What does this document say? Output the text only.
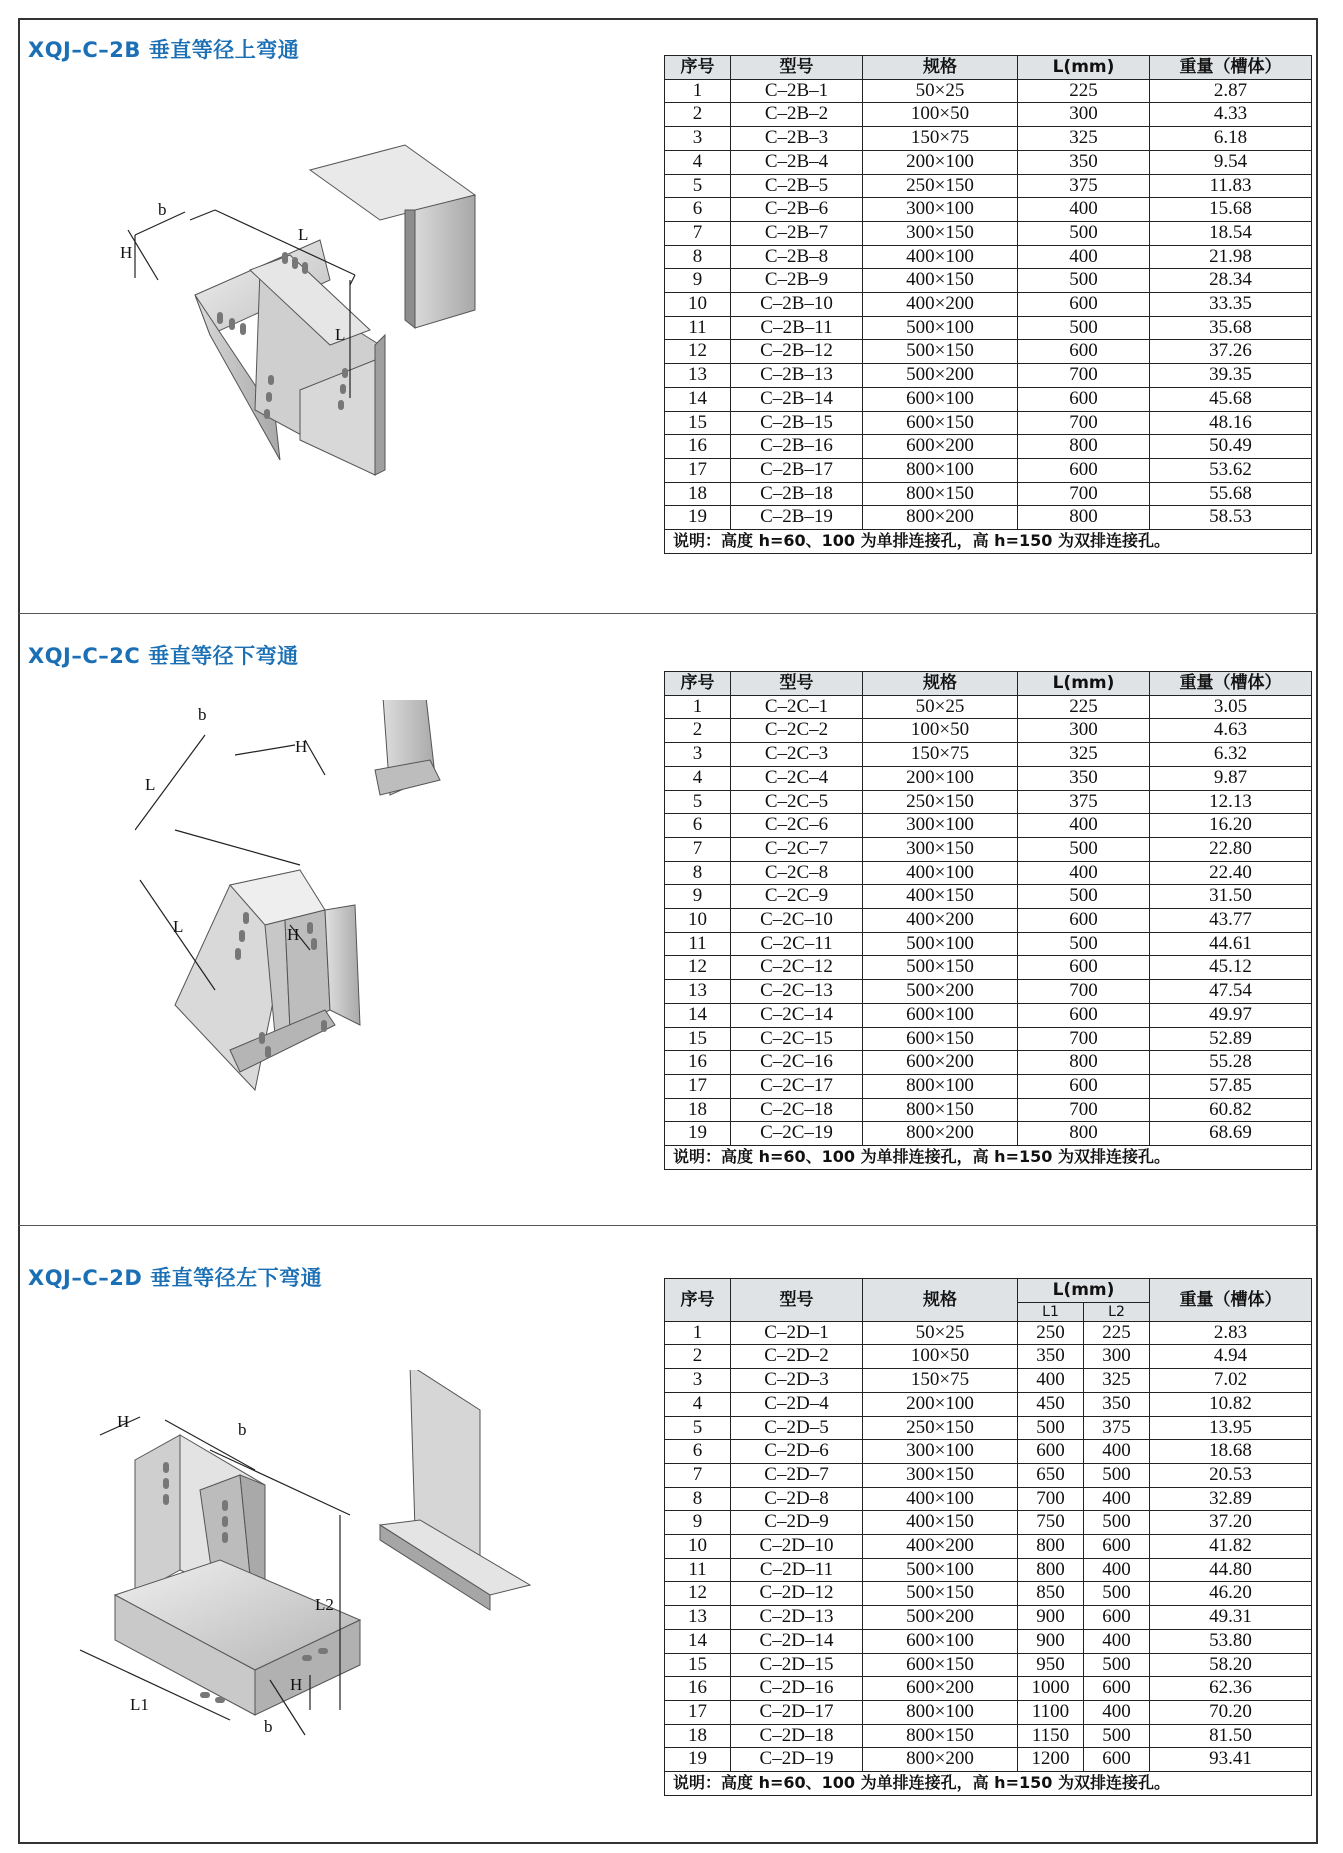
XQJ–C–2B 垂直等径上弯通
b
H
L
L
序号	型号	规格	L(mm)	重量（槽体）
1	C–2B–1	50×25	225	2.87
2	C–2B–2	100×50	300	4.33
3	C–2B–3	150×75	325	6.18
4	C–2B–4	200×100	350	9.54
5	C–2B–5	250×150	375	11.83
6	C–2B–6	300×100	400	15.68
7	C–2B–7	300×150	500	18.54
8	C–2B–8	400×100	400	21.98
9	C–2B–9	400×150	500	28.34
10	C–2B–10	400×200	600	33.35
11	C–2B–11	500×100	500	35.68
12	C–2B–12	500×150	600	37.26
13	C–2B–13	500×200	700	39.35
14	C–2B–14	600×100	600	45.68
15	C–2B–15	600×150	700	48.16
16	C–2B–16	600×200	800	50.49
17	C–2B–17	800×100	600	53.62
18	C–2B–18	800×150	700	55.68
19	C–2B–19	800×200	800	58.53
说明：高度 h=60、100 为单排连接孔，高 h=150 为双排连接孔。				
XQJ–C–2C 垂直等径下弯通
b
H
L
L	H
序号	型号	规格	L(mm)	重量（槽体）
1	C–2C–1	50×25	225	3.05
2	C–2C–2	100×50	300	4.63
3	C–2C–3	150×75	325	6.32
4	C–2C–4	200×100	350	9.87
5	C–2C–5	250×150	375	12.13
6	C–2C–6	300×100	400	16.20
7	C–2C–7	300×150	500	22.80
8	C–2C–8	400×100	400	22.40
9	C–2C–9	400×150	500	31.50
10	C–2C–10	400×200	600	43.77
11	C–2C–11	500×100	500	44.61
12	C–2C–12	500×150	600	45.12
13	C–2C–13	500×200	700	47.54
14	C–2C–14	600×100	600	49.97
15	C–2C–15	600×150	700	52.89
16	C–2C–16	600×200	800	55.28
17	C–2C–17	800×100	600	57.85
18	C–2C–18	800×150	700	60.82
19	C–2C–19	800×200	800	68.69
说明：高度 h=60、100 为单排连接孔，高 h=150 为双排连接孔。				
XQJ–C–2D 垂直等径左下弯通
H	b
L2
H
L1
b
序号	型号	规格	L(mm)		重量（槽体）
			L1	L2	
1	C–2D–1	50×25	250	225	2.83
2	C–2D–2	100×50	350	300	4.94
3	C–2D–3	150×75	400	325	7.02
4	C–2D–4	200×100	450	350	10.82
5	C–2D–5	250×150	500	375	13.95
6	C–2D–6	300×100	600	400	18.68
7	C–2D–7	300×150	650	500	20.53
8	C–2D–8	400×100	700	400	32.89
9	C–2D–9	400×150	750	500	37.20
10	C–2D–10	400×200	800	600	41.82
11	C–2D–11	500×100	800	400	44.80
12	C–2D–12	500×150	850	500	46.20
13	C–2D–13	500×200	900	600	49.31
14	C–2D–14	600×100	900	400	53.80
15	C–2D–15	600×150	950	500	58.20
16	C–2D–16	600×200	1000	600	62.36
17	C–2D–17	800×100	1100	400	70.20
18	C–2D–18	800×150	1150	500	81.50
19	C–2D–19	800×200	1200	600	93.41
说明：高度 h=60、100 为单排连接孔，高 h=150 为双排连接孔。					
